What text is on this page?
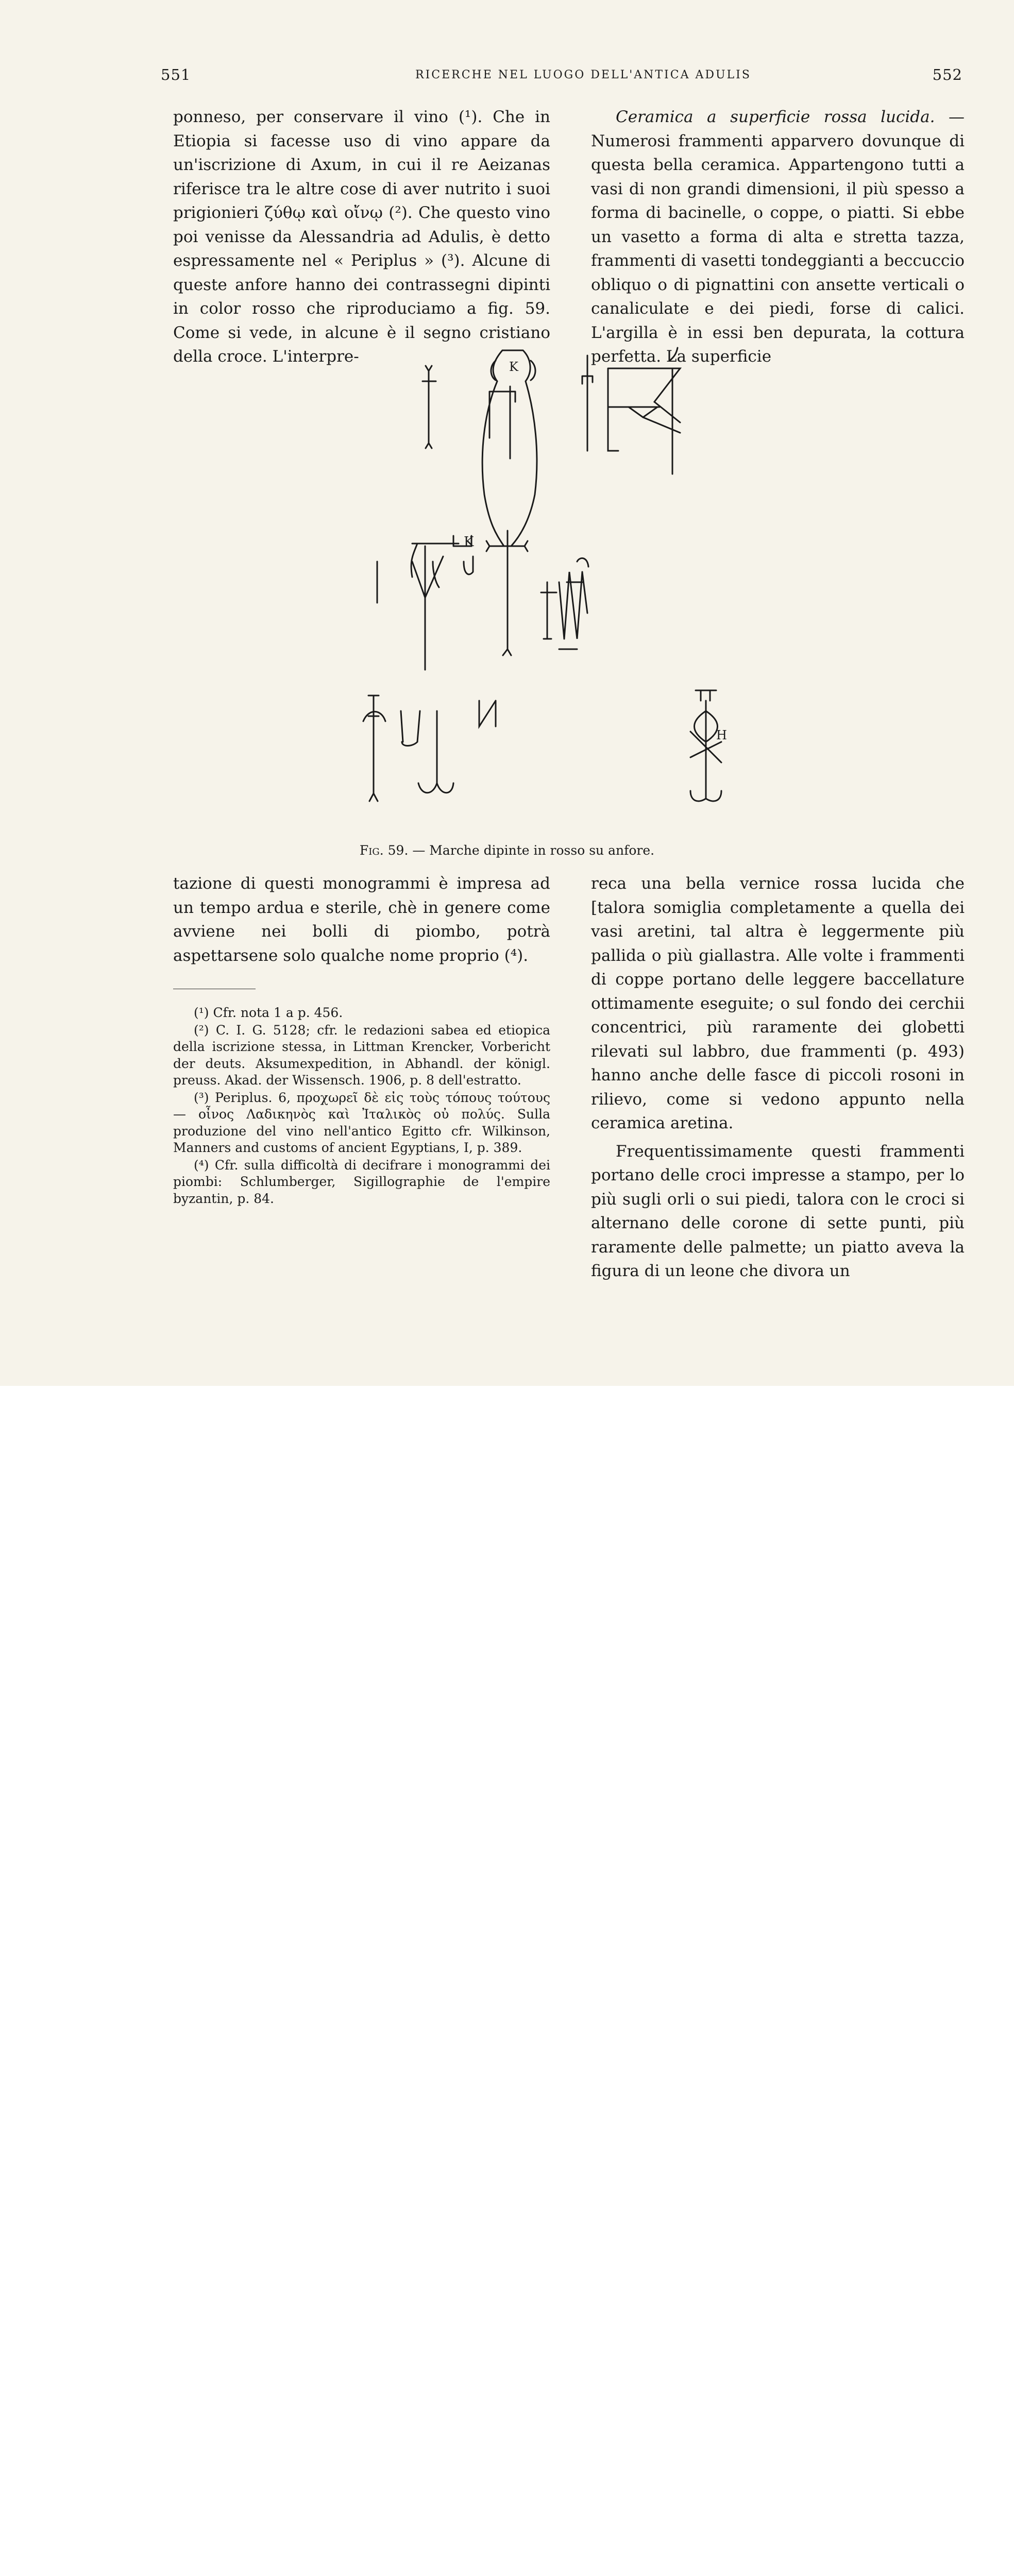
551	RICERCHE NEL LUOGO DELL'ANTICA ADULIS	552

ponneso, per conservare il vino (¹). Che in Etiopia si facesse uso di vino appare da un'iscrizione di Axum, in cui il re Aeizanas riferisce tra le altre cose di aver nutrito i suoi prigionieri ζύθῳ καὶ οἴνῳ (²). Che questo vino poi venisse da Alessandria ad Adulis, è detto espressamente nel « Periplus » (³). Alcune di queste anfore hanno dei contrassegni dipinti in color rosso che riproduciamo a fig. 59. Come si vede, in alcune è il segno cristiano della croce. L'interpre-

Ceramica a superficie rossa lucida. — Numerosi frammenti apparvero dovunque di questa bella ceramica. Appartengono tutti a vasi di non grandi dimensioni, il più spesso a forma di bacinelle, o coppe, o piatti. Si ebbe un vasetto a forma di alta e stretta tazza, frammenti di vasetti tondeggianti a beccuccio obliquo o di pignattini con ansette verticali o canaliculate e dei piedi, forse di calici. L'argilla è in essi ben depurata, la cottura perfetta. La superficie

K
K
H
Fig. 59. — Marche dipinte in rosso su anfore.

tazione di questi monogrammi è impresa ad un tempo ardua e sterile, chè in genere come avviene nei bolli di piombo, potrà aspettarsene solo qualche nome proprio (⁴).

(¹) Cfr. nota 1 a p. 456.

(²) C. I. G. 5128; cfr. le redazioni sabea ed etiopica della iscrizione stessa, in Littman Krencker, Vorbericht der deuts. Aksumexpedition, in Abhandl. der königl. preuss. Akad. der Wissensch. 1906, p. 8 dell'estratto.

(³) Periplus. 6, προχωρεῖ δὲ εἰς τοὺς τόπους τούτους — οἶνος Λαδικηνὸς καὶ Ἰταλικὸς οὐ πολύς. Sulla produzione del vino nell'antico Egitto cfr. Wilkinson, Manners and customs of ancient Egyptians, I, p. 389.

(⁴) Cfr. sulla difficoltà di decifrare i monogrammi dei piombi: Schlumberger, Sigillographie de l'empire byzantin, p. 84.

reca una bella vernice rossa lucida che [talora somiglia completamente a quella dei vasi aretini, tal altra è leggermente più pallida o più giallastra. Alle volte i frammenti di coppe portano delle leggere baccellature ottimamente eseguite; o sul fondo dei cerchii concentrici, più raramente dei globetti rilevati sul labbro, due frammenti (p. 493) hanno anche delle fasce di piccoli rosoni in rilievo, come si vedono appunto nella ceramica aretina.

Frequentissimamente questi frammenti portano delle croci impresse a stampo, per lo più sugli orli o sui piedi, talora con le croci si alternano delle corone di sette punti, più raramente delle palmette; un piatto aveva la figura di un leone che divora un
